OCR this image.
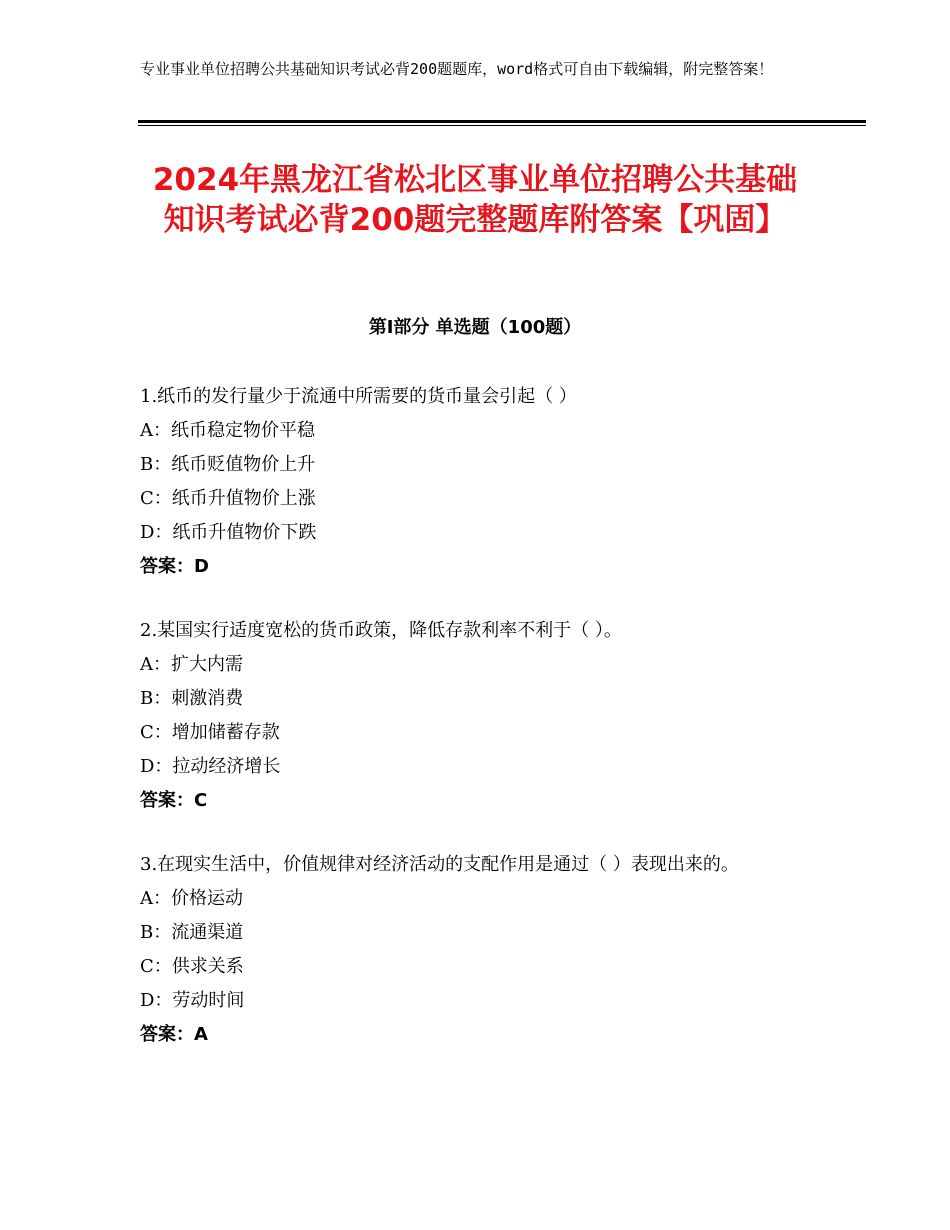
专业事业单位招聘公共基础知识考试必背200题题库，word格式可自由下载编辑，附完整答案！
2024年黑龙江省松北区事业单位招聘公共基础知识考试必背200题完整题库附答案【巩固】
第Ⅰ部分 单选题（100题）
1.纸币的发行量少于流通中所需要的货币量会引起（ ）
A：纸币稳定物价平稳
B：纸币贬值物价上升
C：纸币升值物价上涨
D：纸币升值物价下跌
答案：D
2.某国实行适度宽松的货币政策，降低存款利率不利于（ ）。
A：扩大内需
B：刺激消费
C：增加储蓄存款
D：拉动经济增长
答案：C
3.在现实生活中，价值规律对经济活动的支配作用是通过（ ）表现出来的。
A：价格运动
B：流通渠道
C：供求关系
D：劳动时间
答案：A
